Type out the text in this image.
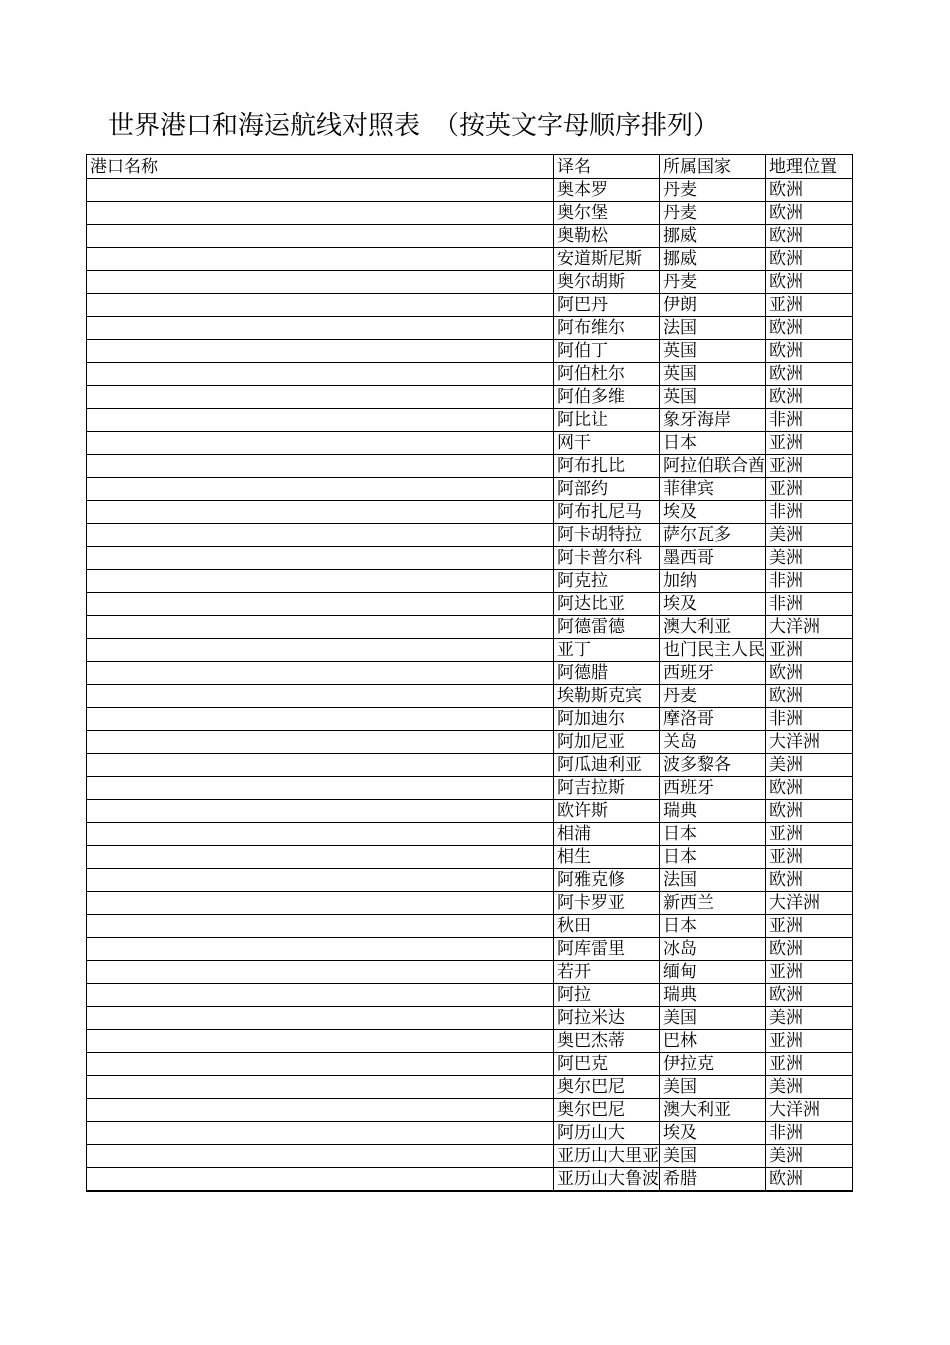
世界港口和海运航线对照表　（按英文字母顺序排列）
港口名称	译名	所属国家	地理位置
	奥本罗	丹麦	欧洲
	奥尔堡	丹麦	欧洲
	奥勒松	挪威	欧洲
	安道斯尼斯	挪威	欧洲
	奥尔胡斯	丹麦	欧洲
	阿巴丹	伊朗	亚洲
	阿布维尔	法国	欧洲
	阿伯丁	英国	欧洲
	阿伯杜尔	英国	欧洲
	阿伯多维	英国	欧洲
	阿比让	象牙海岸	非洲
	网干	日本	亚洲
	阿布扎比	阿拉伯联合酋	亚洲
	阿部约	菲律宾	亚洲
	阿布扎尼马	埃及	非洲
	阿卡胡特拉	萨尔瓦多	美洲
	阿卡普尔科	墨西哥	美洲
	阿克拉	加纳	非洲
	阿达比亚	埃及	非洲
	阿德雷德	澳大利亚	大洋洲
	亚丁	也门民主人民	亚洲
	阿德腊	西班牙	欧洲
	埃勒斯克宾	丹麦	欧洲
	阿加迪尔	摩洛哥	非洲
	阿加尼亚	关岛	大洋洲
	阿瓜迪利亚	波多黎各	美洲
	阿吉拉斯	西班牙	欧洲
	欧许斯	瑞典	欧洲
	相浦	日本	亚洲
	相生	日本	亚洲
	阿雅克修	法国	欧洲
	阿卡罗亚	新西兰	大洋洲
	秋田	日本	亚洲
	阿库雷里	冰岛	欧洲
	若开	缅甸	亚洲
	阿拉	瑞典	欧洲
	阿拉米达	美国	美洲
	奥巴杰蒂	巴林	亚洲
	阿巴克	伊拉克	亚洲
	奥尔巴尼	美国	美洲
	奥尔巴尼	澳大利亚	大洋洲
	阿历山大	埃及	非洲
	亚历山大里亚	美国	美洲
	亚历山大鲁波	希腊	欧洲
